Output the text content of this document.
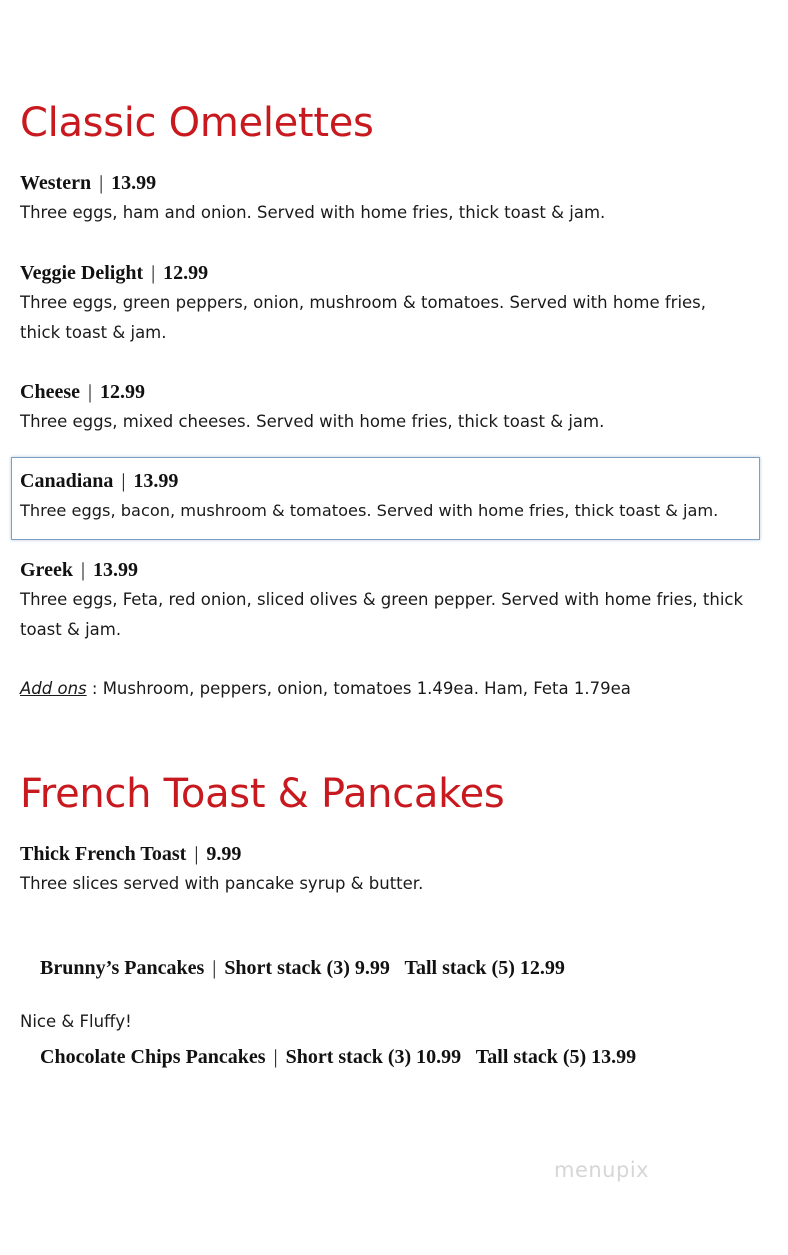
Classic Omelettes
Western | 13.99
Three eggs, ham and onion. Served with home fries, thick toast & jam.
Veggie Delight | 12.99
Three eggs, green peppers, onion, mushroom & tomatoes. Served with home fries, thick toast & jam.
Cheese | 12.99
Three eggs, mixed cheeses. Served with home fries, thick toast & jam.
Canadiana | 13.99
Three eggs, bacon, mushroom & tomatoes. Served with home fries, thick toast & jam.
Greek | 13.99
Three eggs, Feta, red onion, sliced olives & green pepper. Served with home fries, thick toast & jam.
Add ons : Mushroom, peppers, onion, tomatoes 1.49ea. Ham, Feta 1.79ea
French Toast & Pancakes
Thick French Toast | 9.99
Three slices served with pancake syrup & butter.

Brunny’s Pancakes | Short stack (3) 9.99   Tall stack (5) 12.99

Nice & Fluffy!

Chocolate Chips Pancakes | Short stack (3) 10.99   Tall stack (5) 13.99

menupix
